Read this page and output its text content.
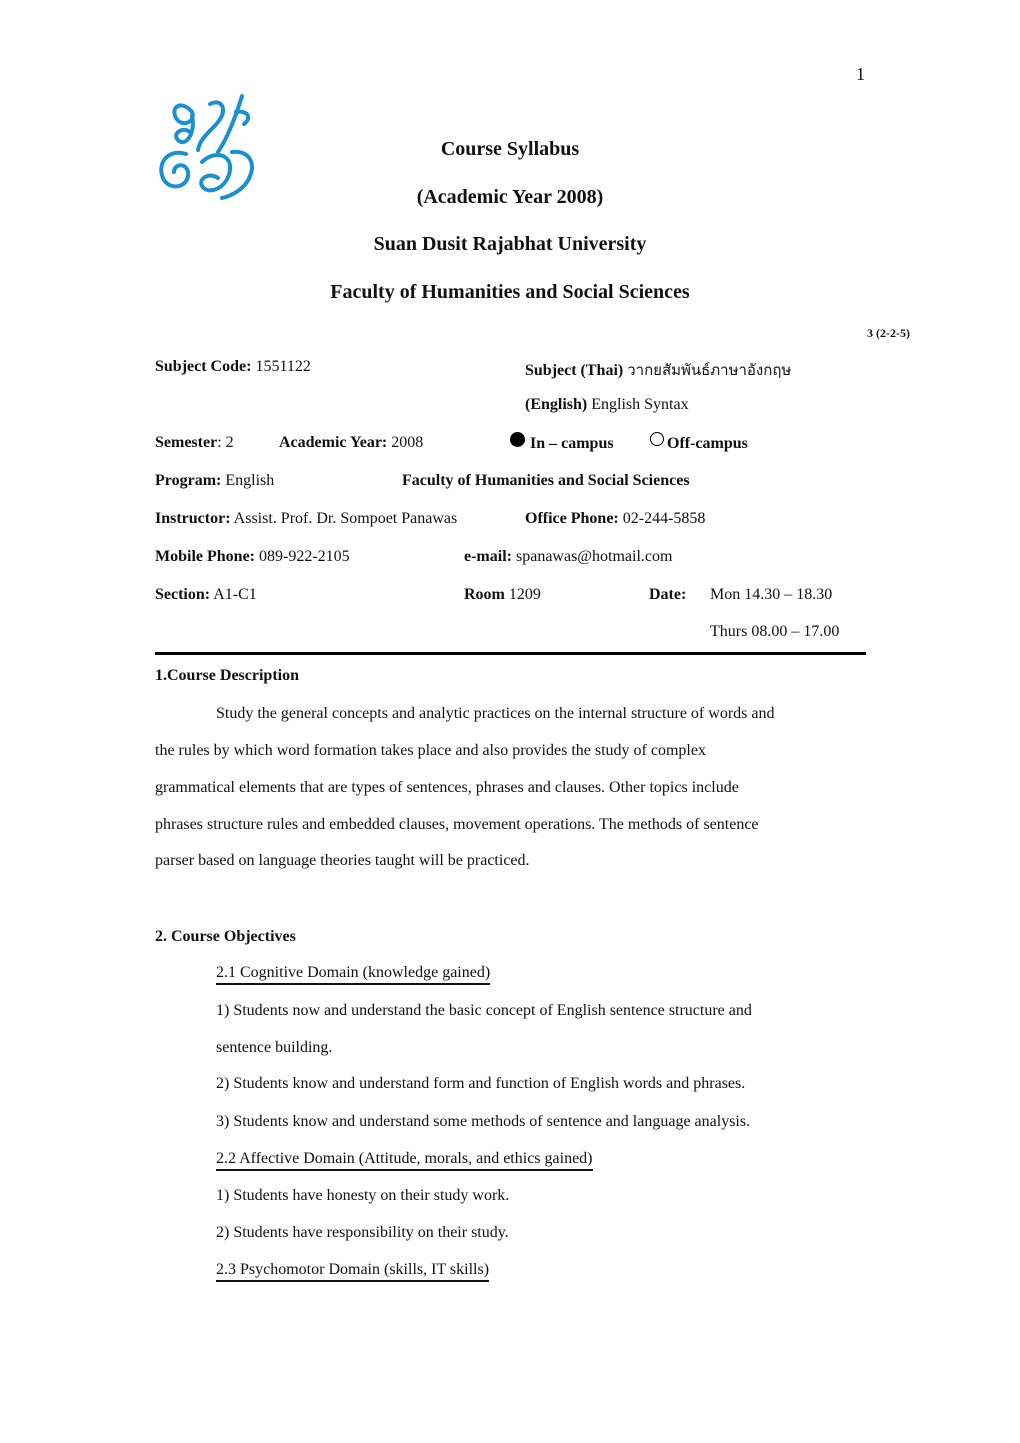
1
Course Syllabus
(Academic Year 2008)
Suan Dusit Rajabhat University
Faculty of Humanities and Social Sciences
3 (2-2-5)
Subject Code: 1551122	Subject (Thai) วากยสัมพันธ์ภาษาอังกฤษ
(English) English Syntax
Semester: 2	Academic Year: 2008	In – campus	Off-campus
Program: English	Faculty of Humanities and Social Sciences
Instructor: Assist. Prof. Dr. Sompoet Panawas	Office Phone: 02-244-5858
Mobile Phone: 089-922-2105	e-mail: spanawas@hotmail.com
Section: A1-C1	Room 1209	Date: Mon 14.30 – 18.30
Thurs 08.00 – 17.00
1.Course Description
Study the general concepts and analytic practices on the internal structure of words and
the rules by which word formation takes place and also provides the study of complex
grammatical elements that are types of sentences, phrases and clauses. Other topics include
phrases structure rules and embedded clauses, movement operations. The methods of sentence
parser based on language theories taught will be practiced.
2. Course Objectives
2.1 Cognitive Domain (knowledge gained)
1) Students now and understand the basic concept of English sentence structure and
sentence building.
2) Students know and understand form and function of English words and phrases.
3) Students know and understand some methods of sentence and language analysis.
2.2 Affective Domain (Attitude, morals, and ethics gained)
1) Students have honesty on their study work.
2) Students have responsibility on their study.
2.3 Psychomotor Domain (skills, IT skills)
